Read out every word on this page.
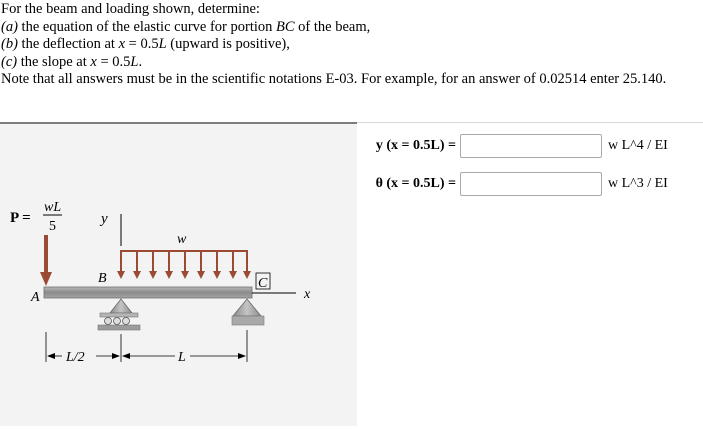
For the beam and loading shown, determine:
(a) the equation of the elastic curve for portion BC of the beam,
(b) the deflection at x = 0.5L (upward is positive),
(c) the slope at x = 0.5L.
Note that all answers must be in the scientific notations E-03. For example, for an answer of 0.02514 enter 25.140.
P =
wL
5	y
w
B	C
A	x
L/2	L
y (x = 0.5L) =	w L^4 / EI
θ (x = 0.5L) =	w L^3 / EI
